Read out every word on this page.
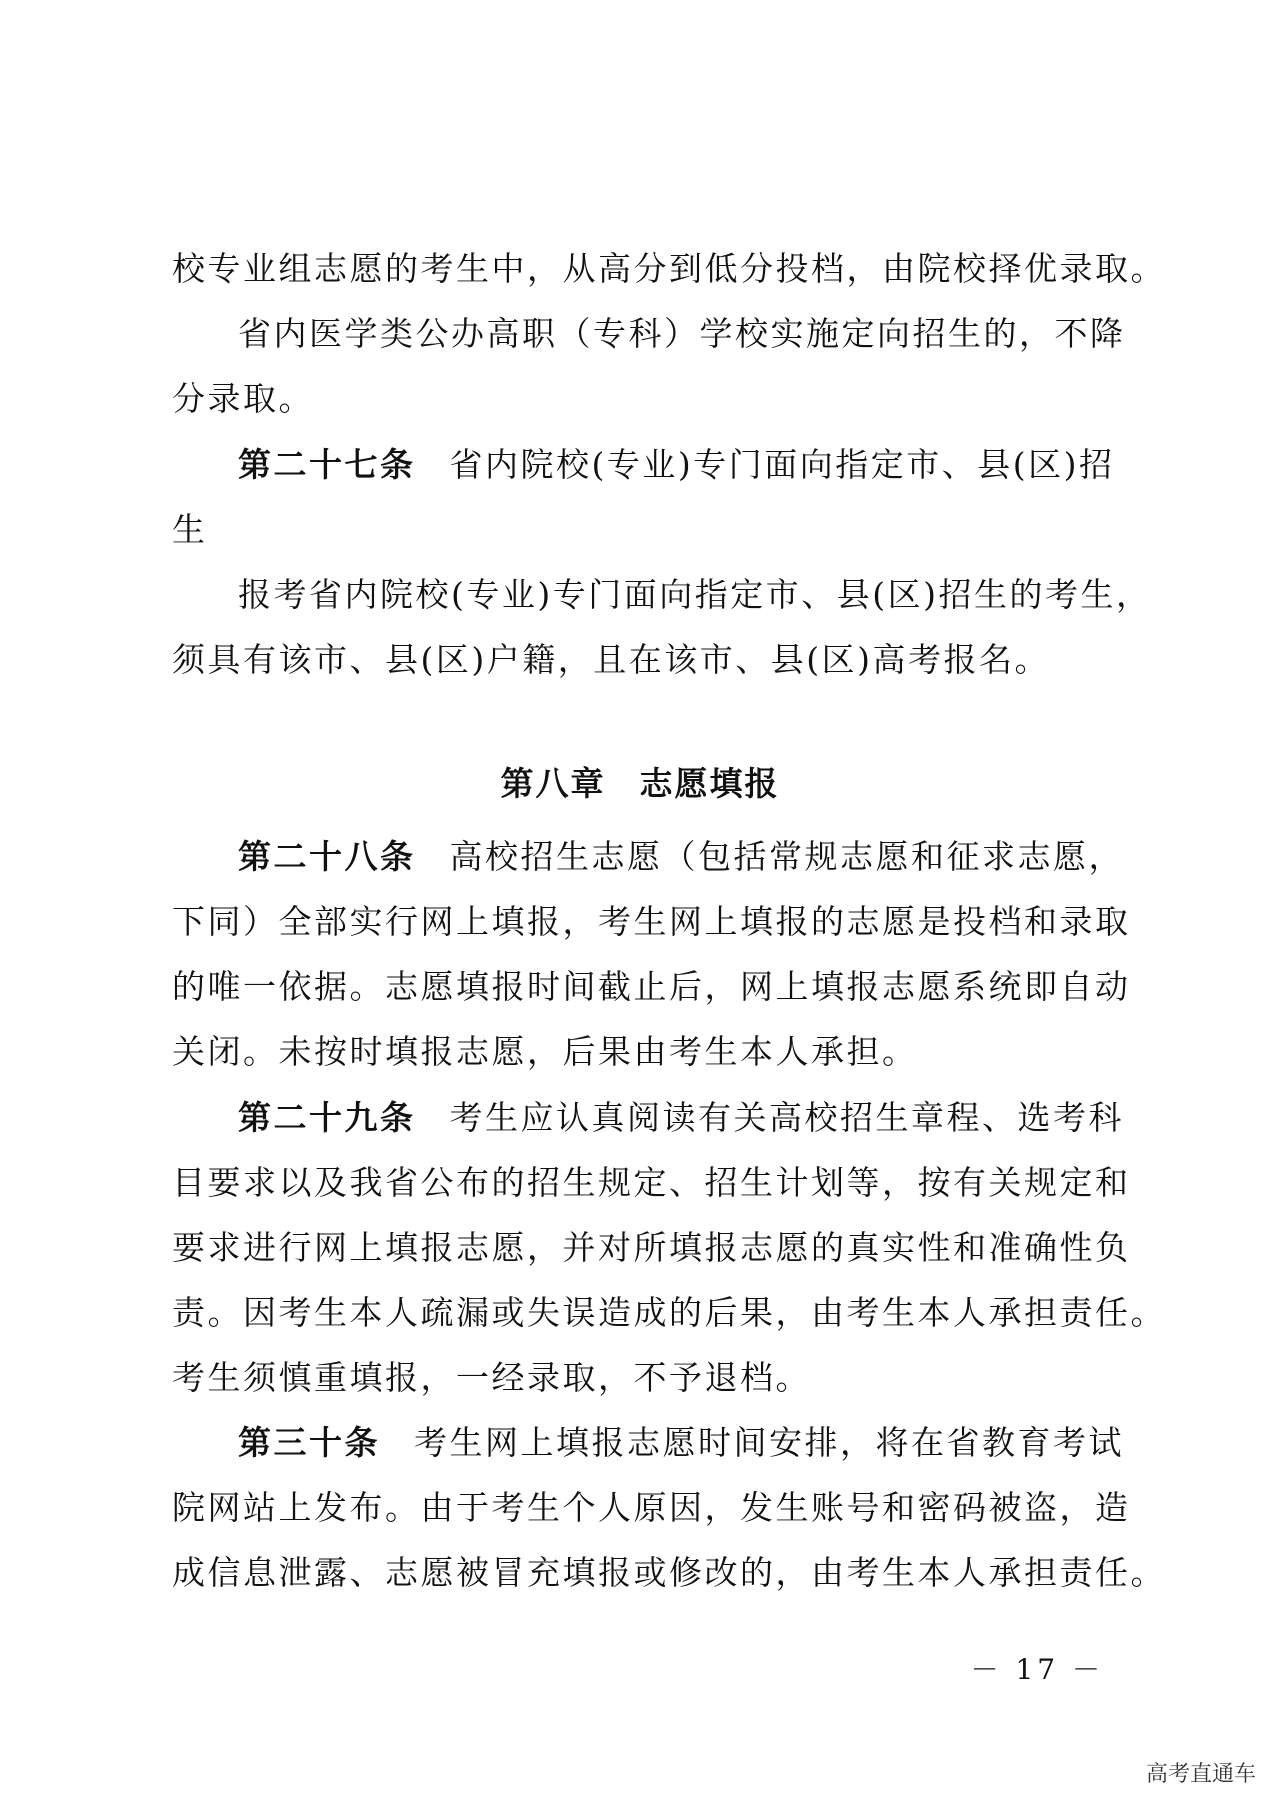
校专业组志愿的考生中，从高分到低分投档，由院校择优录取。
省内医学类公办高职（专科）学校实施定向招生的，不降
分录取。
第二十七条 省内院校(专业)专门面向指定市、县(区)招
生
报考省内院校(专业)专门面向指定市、县(区)招生的考生，
须具有该市、县(区)户籍，且在该市、县(区)高考报名。
第八章 志愿填报
第二十八条 高校招生志愿（包括常规志愿和征求志愿，
下同）全部实行网上填报，考生网上填报的志愿是投档和录取
的唯一依据。志愿填报时间截止后，网上填报志愿系统即自动
关闭。未按时填报志愿，后果由考生本人承担。
第二十九条 考生应认真阅读有关高校招生章程、选考科
目要求以及我省公布的招生规定、招生计划等，按有关规定和
要求进行网上填报志愿，并对所填报志愿的真实性和准确性负
责。因考生本人疏漏或失误造成的后果，由考生本人承担责任。
考生须慎重填报，一经录取，不予退档。
第三十条 考生网上填报志愿时间安排，将在省教育考试
院网站上发布。由于考生个人原因，发生账号和密码被盗，造
成信息泄露、志愿被冒充填报或修改的，由考生本人承担责任。
－ 17 －
高考直通车
